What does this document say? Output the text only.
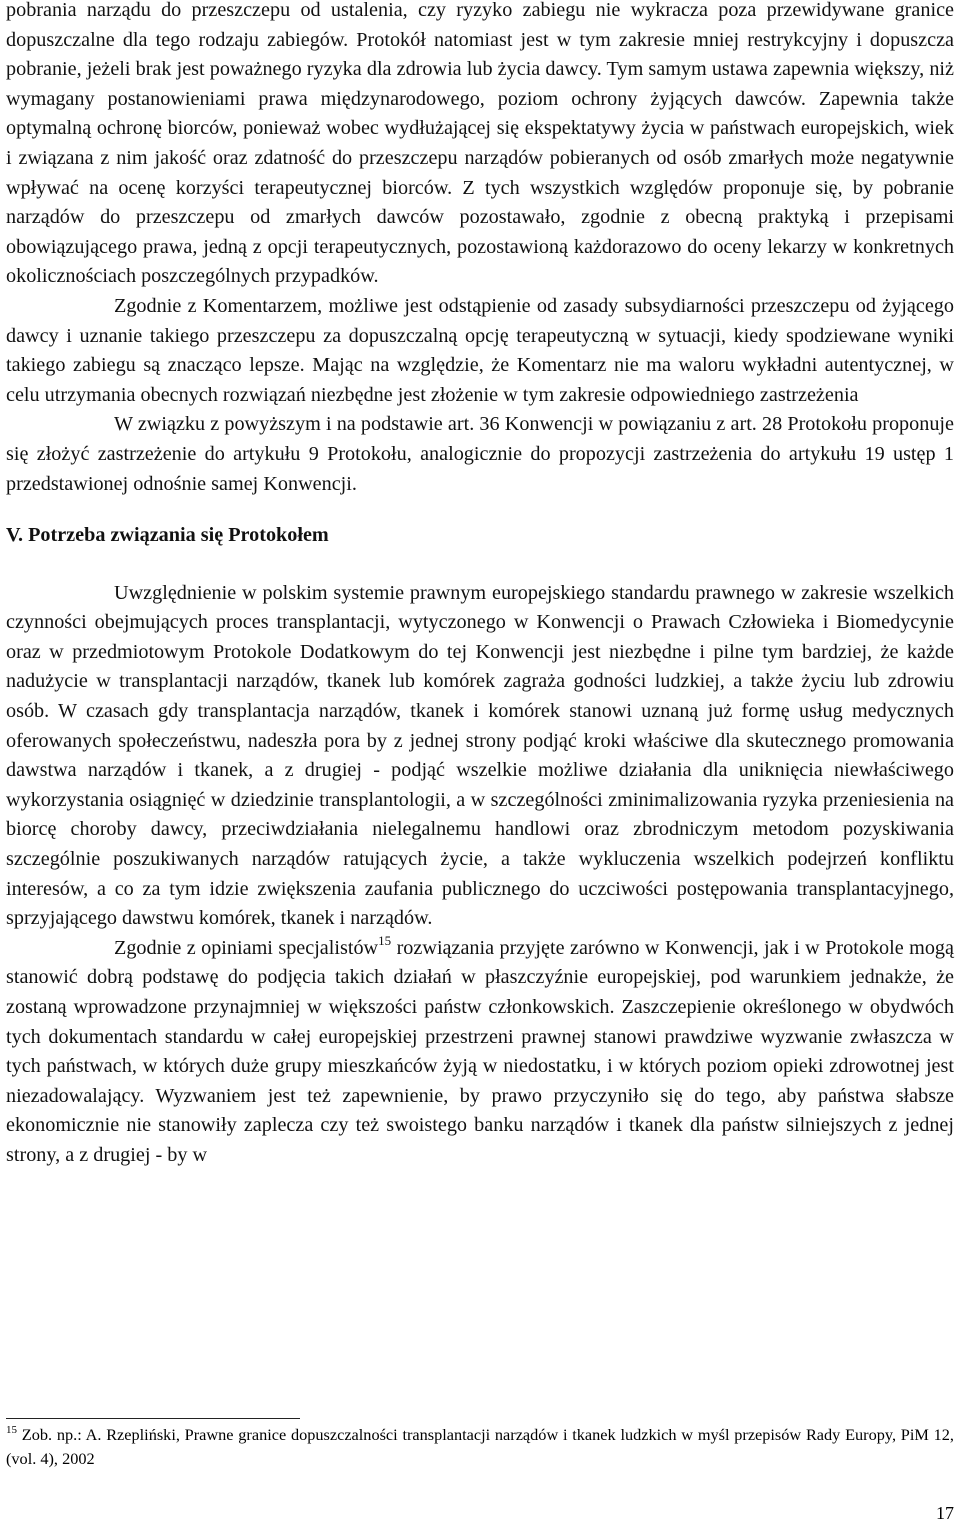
pobrania narządu do przeszczepu od ustalenia, czy ryzyko zabiegu nie wykracza poza przewidywane granice dopuszczalne dla tego rodzaju zabiegów. Protokół natomiast jest w tym zakresie mniej restrykcyjny i dopuszcza pobranie, jeżeli brak jest poważnego ryzyka dla zdrowia lub życia dawcy. Tym samym ustawa zapewnia większy, niż wymagany postanowieniami prawa międzynarodowego, poziom ochrony żyjących dawców. Zapewnia także optymalną ochronę biorców, ponieważ wobec wydłużającej się ekspektatywy życia w państwach europejskich, wiek i związana z nim jakość oraz zdatność do przeszczepu narządów pobieranych od osób zmarłych może negatywnie wpływać na ocenę korzyści terapeutycznej biorców. Z tych wszystkich względów proponuje się, by pobranie narządów do przeszczepu od zmarłych dawców pozostawało, zgodnie z obecną praktyką i przepisami obowiązującego prawa, jedną z opcji terapeutycznych, pozostawioną każdorazowo do oceny lekarzy w konkretnych okolicznościach poszczególnych przypadków.

Zgodnie z Komentarzem, możliwe jest odstąpienie od zasady subsydiarności przeszczepu od żyjącego dawcy i uznanie takiego przeszczepu za dopuszczalną opcję terapeutyczną w sytuacji, kiedy spodziewane wyniki takiego zabiegu są znacząco lepsze. Mając na względzie, że Komentarz nie ma waloru wykładni autentycznej, w celu utrzymania obecnych rozwiązań niezbędne jest złożenie w tym zakresie odpowiedniego zastrzeżenia

W związku z powyższym i na podstawie art. 36 Konwencji w powiązaniu z art. 28 Protokołu proponuje się złożyć zastrzeżenie do artykułu 9 Protokołu, analogicznie do propozycji zastrzeżenia do artykułu 19 ustęp 1 przedstawionej odnośnie samej Konwencji.

V. Potrzeba związania się Protokołem

Uwzględnienie w polskim systemie prawnym europejskiego standardu prawnego w zakresie wszelkich czynności obejmujących proces transplantacji, wytyczonego w Konwencji o Prawach Człowieka i Biomedycynie oraz w przedmiotowym Protokole Dodatkowym do tej Konwencji jest niezbędne i pilne tym bardziej, że każde nadużycie w transplantacji narządów, tkanek lub komórek zagraża godności ludzkiej, a także życiu lub zdrowiu osób. W czasach gdy transplantacja narządów, tkanek i komórek stanowi uznaną już formę usług medycznych oferowanych społeczeństwu, nadeszła pora by z jednej strony podjąć kroki właściwe dla skutecznego promowania dawstwa narządów i tkanek, a z drugiej - podjąć wszelkie możliwe działania dla uniknięcia niewłaściwego wykorzystania osiągnięć w dziedzinie transplantologii, a w szczególności zminimalizowania ryzyka przeniesienia na biorcę choroby dawcy, przeciwdziałania nielegalnemu handlowi oraz zbrodniczym metodom pozyskiwania szczególnie poszukiwanych narządów ratujących życie, a także wykluczenia wszelkich podejrzeń konfliktu interesów, a co za tym idzie zwiększenia zaufania publicznego do uczciwości postępowania transplantacyjnego, sprzyjającego dawstwu komórek, tkanek i narządów.

Zgodnie z opiniami specjalistów$^{15}$ rozwiązania przyjęte zarówno w Konwencji, jak i w Protokole mogą stanowić dobrą podstawę do podjęcia takich działań w płaszczyźnie europejskiej, pod warunkiem jednakże, że zostaną wprowadzone przynajmniej w większości państw członkowskich. Zaszczepienie określonego w obydwóch tych dokumentach standardu w całej europejskiej przestrzeni prawnej stanowi prawdziwe wyzwanie zwłaszcza w tych państwach, w których duże grupy mieszkańców żyją w niedostatku, i w których poziom opieki zdrowotnej jest niezadowalający. Wyzwaniem jest też zapewnienie, by prawo przyczyniło się do tego, aby państwa słabsze ekonomicznie nie stanowiły zaplecza czy też swoistego banku narządów i tkanek dla państw silniejszych z jednej strony, a z drugiej - by w

$^{15}$ Zob. np.: A. Rzepliński, Prawne granice dopuszczalności transplantacji narządów i tkanek ludzkich w myśl przepisów Rady Europy, PiM 12, (vol. 4), 2002

17
